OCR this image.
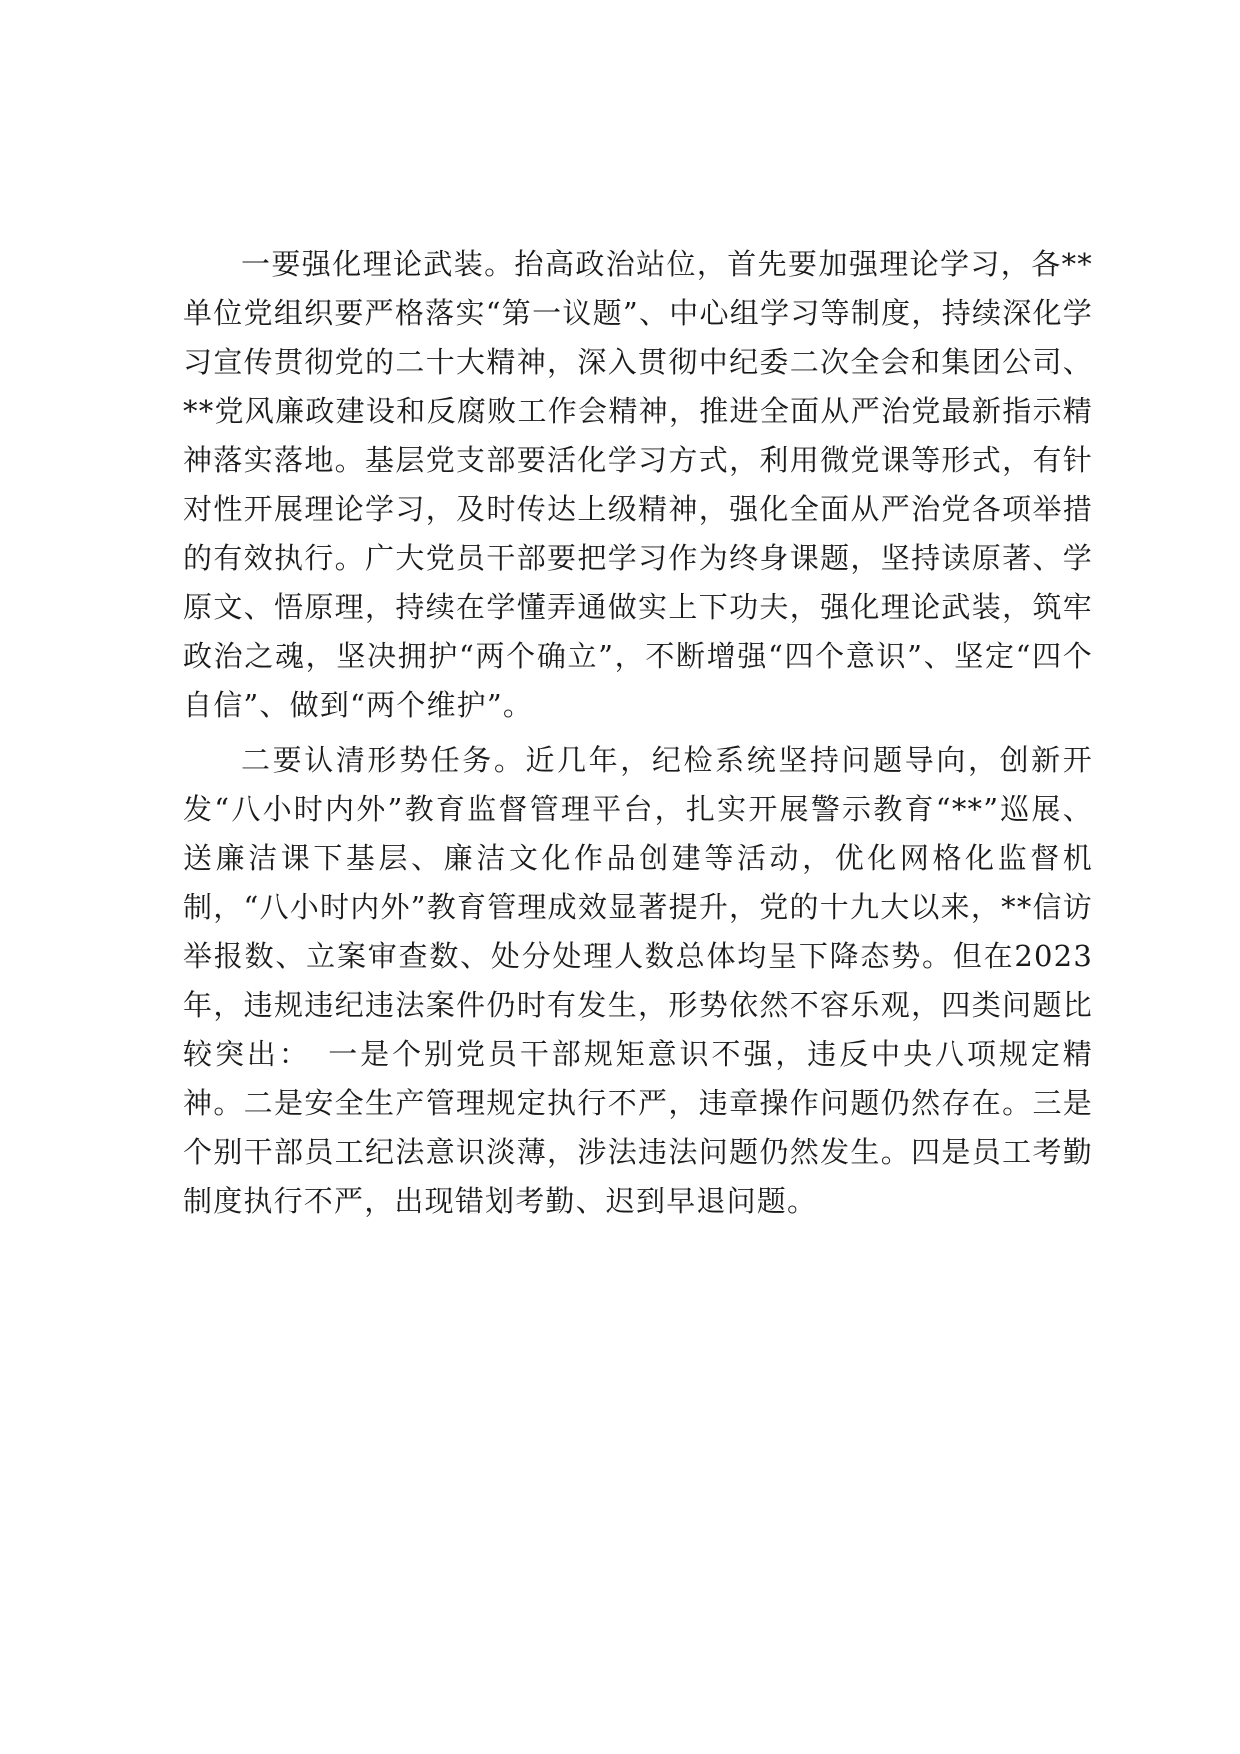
一要强化理论武装。抬高政治站位，首先要加强理论学习，各**单位党组织要严格落实“第一议题”、中心组学习等制度，持续深化学习宣传贯彻党的二十大精神，深入贯彻中纪委二次全会和集团公司、**党风廉政建设和反腐败工作会精神，推进全面从严治党最新指示精神落实落地。基层党支部要活化学习方式，利用微党课等形式，有针对性开展理论学习，及时传达上级精神，强化全面从严治党各项举措的有效执行。广大党员干部要把学习作为终身课题，坚持读原著、学原文、悟原理，持续在学懂弄通做实上下功夫，强化理论武装，筑牢政治之魂，坚决拥护“两个确立”，不断增强“四个意识”、坚定“四个自信”、做到“两个维护”。

二要认清形势任务。近几年，纪检系统坚持问题导向，创新开发“八小时内外”教育监督管理平台，扎实开展警示教育“**”巡展、送廉洁课下基层、廉洁文化作品创建等活动，优化网格化监督机制，“八小时内外”教育管理成效显著提升，党的十九大以来，**信访举报数、立案审查数、处分处理人数总体均呈下降态势。但在2023年，违规违纪违法案件仍时有发生，形势依然不容乐观，四类问题比较突出：　一是个别党员干部规矩意识不强，违反中央八项规定精神。二是安全生产管理规定执行不严，违章操作问题仍然存在。三是个别干部员工纪法意识淡薄，涉法违法问题仍然发生。四是员工考勤制度执行不严，出现错划考勤、迟到早退问题。
